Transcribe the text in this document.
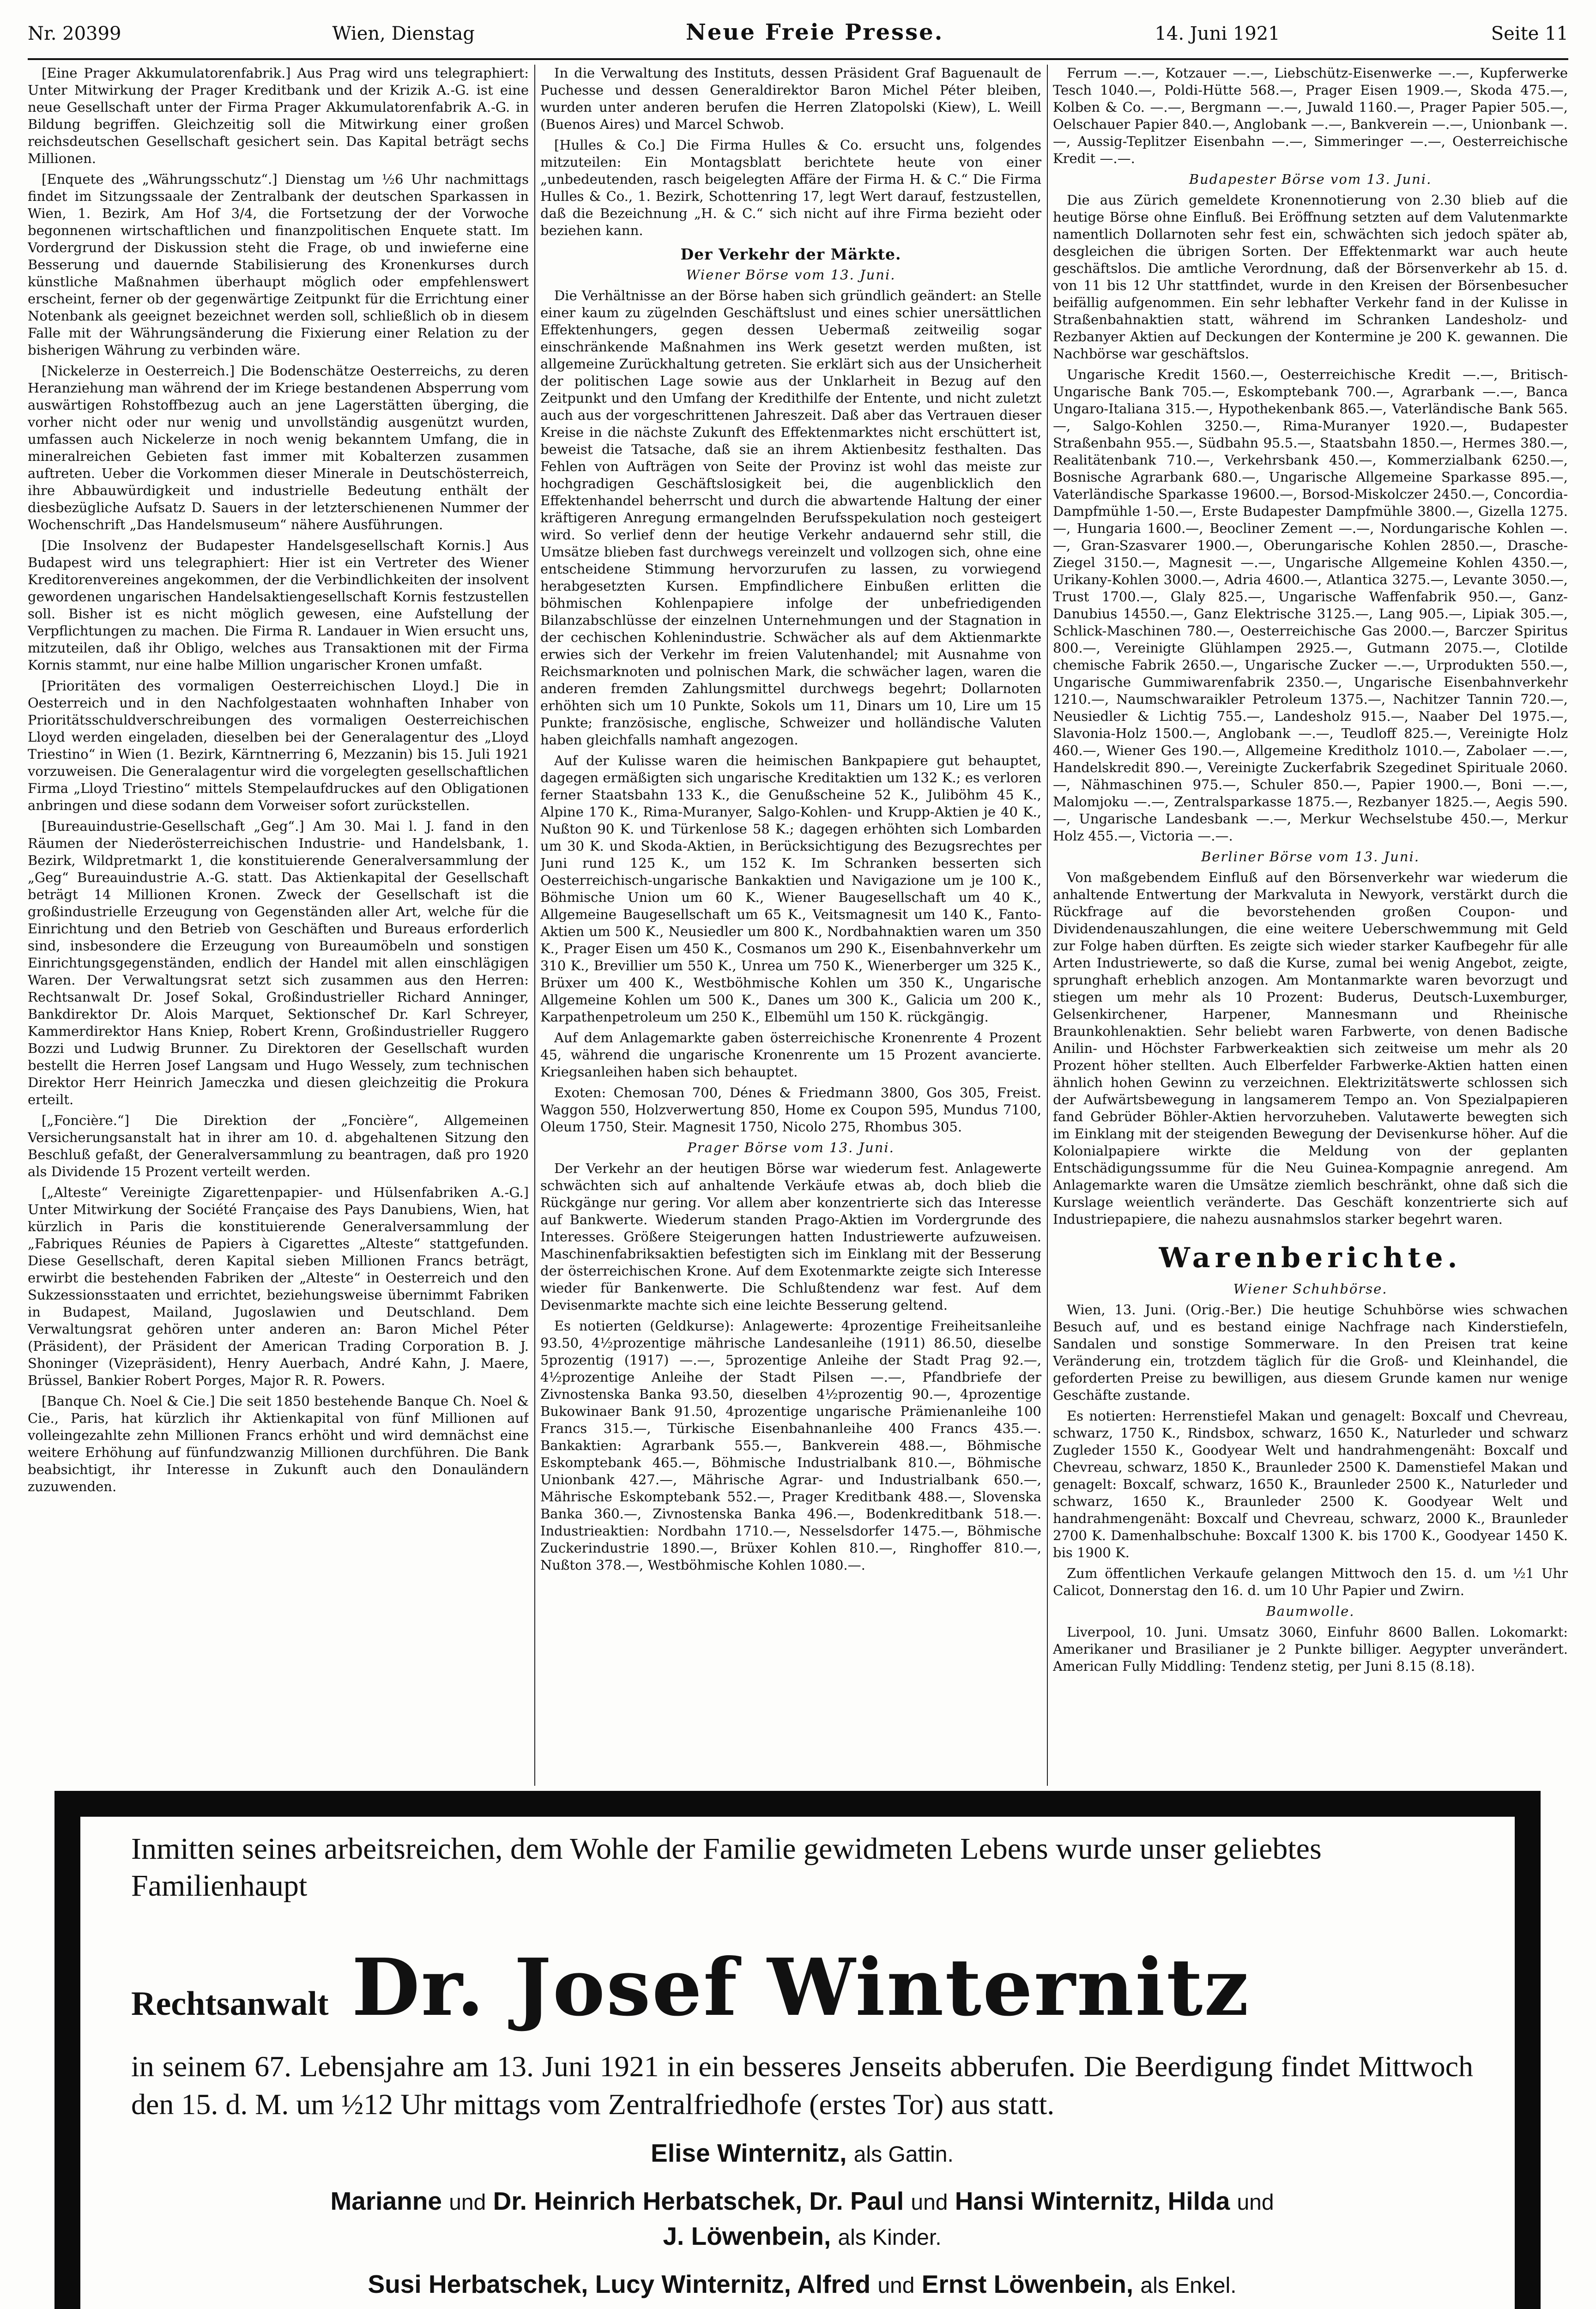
Nr. 20399	Wien, Dienstag	Neue Freie Presse.	14. Juni 1921	Seite 11

[Eine Prager Akkumulatorenfabrik.] Aus Prag wird uns telegraphiert: Unter Mitwirkung der Prager Kreditbank und der Krizik A.-G. ist eine neue Gesellschaft unter der Firma Prager Akkumulatorenfabrik A.-G. in Bildung begriffen. Gleichzeitig soll die Mitwirkung einer großen reichsdeutschen Gesellschaft gesichert sein. Das Kapital beträgt sechs Millionen.

[Enquete des „Währungsschutz“.] Dienstag um ½6 Uhr nachmittags findet im Sitzungssaale der Zentralbank der deutschen Sparkassen in Wien, 1. Bezirk, Am Hof 3/4, die Fortsetzung der der Vorwoche begonnenen wirtschaftlichen und finanzpolitischen Enquete statt. Im Vordergrund der Diskussion steht die Frage, ob und inwieferne eine Besserung und dauernde Stabilisierung des Kronenkurses durch künstliche Maßnahmen überhaupt möglich oder empfehlenswert erscheint, ferner ob der gegenwärtige Zeitpunkt für die Errichtung einer Notenbank als geeignet bezeichnet werden soll, schließlich ob in diesem Falle mit der Währungsänderung die Fixierung einer Relation zu der bisherigen Währung zu verbinden wäre.

[Nickelerze in Oesterreich.] Die Bodenschätze Oesterreichs, zu deren Heranziehung man während der im Kriege bestandenen Absperrung vom auswärtigen Rohstoffbezug auch an jene Lagerstätten überging, die vorher nicht oder nur wenig und unvollständig ausgenützt wurden, umfassen auch Nickelerze in noch wenig bekanntem Umfang, die in mineralreichen Gebieten fast immer mit Kobalterzen zusammen auftreten. Ueber die Vorkommen dieser Minerale in Deutschösterreich, ihre Abbauwürdigkeit und industrielle Bedeutung enthält der diesbezügliche Aufsatz D. Sauers in der letzterschienenen Nummer der Wochenschrift „Das Handelsmuseum“ nähere Ausführungen.

[Die Insolvenz der Budapester Handelsgesellschaft Kornis.] Aus Budapest wird uns telegraphiert: Hier ist ein Vertreter des Wiener Kreditorenvereines angekommen, der die Verbindlichkeiten der insolvent gewordenen ungarischen Handelsaktiengesellschaft Kornis festzustellen soll. Bisher ist es nicht möglich gewesen, eine Aufstellung der Verpflichtungen zu machen. Die Firma R. Landauer in Wien ersucht uns, mitzuteilen, daß ihr Obligo, welches aus Transaktionen mit der Firma Kornis stammt, nur eine halbe Million ungarischer Kronen umfaßt.

[Prioritäten des vormaligen Oesterreichischen Lloyd.] Die in Oesterreich und in den Nachfolgestaaten wohnhaften Inhaber von Prioritätsschuldverschreibungen des vormaligen Oesterreichischen Lloyd werden eingeladen, dieselben bei der Generalagentur des „Lloyd Triestino“ in Wien (1. Bezirk, Kärntnerring 6, Mezzanin) bis 15. Juli 1921 vorzuweisen. Die Generalagentur wird die vorgelegten gesellschaftlichen Firma „Lloyd Triestino“ mittels Stempelaufdruckes auf den Obligationen anbringen und diese sodann dem Vorweiser sofort zurückstellen.

[Bureauindustrie-Gesellschaft „Geg“.] Am 30. Mai l. J. fand in den Räumen der Niederösterreichischen Industrie- und Handelsbank, 1. Bezirk, Wildpretmarkt 1, die konstituierende Generalversammlung der „Geg“ Bureauindustrie A.-G. statt. Das Aktienkapital der Gesellschaft beträgt 14 Millionen Kronen. Zweck der Gesellschaft ist die großindustrielle Erzeugung von Gegenständen aller Art, welche für die Einrichtung und den Betrieb von Geschäften und Bureaus erforderlich sind, insbesondere die Erzeugung von Bureaumöbeln und sonstigen Einrichtungsgegenständen, endlich der Handel mit allen einschlägigen Waren. Der Verwaltungsrat setzt sich zusammen aus den Herren: Rechtsanwalt Dr. Josef Sokal, Großindustrieller Richard Anninger, Bankdirektor Dr. Alois Marquet, Sektionschef Dr. Karl Schreyer, Kammerdirektor Hans Kniep, Robert Krenn, Großindustrieller Ruggero Bozzi und Ludwig Brunner. Zu Direktoren der Gesellschaft wurden bestellt die Herren Josef Langsam und Hugo Wessely, zum technischen Direktor Herr Heinrich Jameczka und diesen gleichzeitig die Prokura erteilt.

[„Foncière.“] Die Direktion der „Foncière“, Allgemeinen Versicherungsanstalt hat in ihrer am 10. d. abgehaltenen Sitzung den Beschluß gefaßt, der Generalversammlung zu beantragen, daß pro 1920 als Dividende 15 Prozent verteilt werden.

[„Alteste“ Vereinigte Zigarettenpapier- und Hülsenfabriken A.-G.] Unter Mitwirkung der Société Française des Pays Danubiens, Wien, hat kürzlich in Paris die konstituierende Generalversammlung der „Fabriques Réunies de Papiers à Cigarettes „Alteste“ stattgefunden. Diese Gesellschaft, deren Kapital sieben Millionen Francs beträgt, erwirbt die bestehenden Fabriken der „Alteste“ in Oesterreich und den Sukzessionsstaaten und errichtet, beziehungsweise übernimmt Fabriken in Budapest, Mailand, Jugoslawien und Deutschland. Dem Verwaltungsrat gehören unter anderen an: Baron Michel Péter (Präsident), der Präsident der American Trading Corporation B. J. Shoninger (Vizepräsident), Henry Auerbach, André Kahn, J. Maere, Brüssel, Bankier Robert Porges, Major R. R. Powers.

[Banque Ch. Noel & Cie.] Die seit 1850 bestehende Banque Ch. Noel & Cie., Paris, hat kürzlich ihr Aktienkapital von fünf Millionen auf volleingezahlte zehn Millionen Francs erhöht und wird demnächst eine weitere Erhöhung auf fünfundzwanzig Millionen durchführen. Die Bank beabsichtigt, ihr Interesse in Zukunft auch den Donauländern zuzuwenden.

In die Verwaltung des Instituts, dessen Präsident Graf Baguenault de Puchesse und dessen Generaldirektor Baron Michel Péter bleiben, wurden unter anderen berufen die Herren Zlatopolski (Kiew), L. Weill (Buenos Aires) und Marcel Schwob.

[Hulles & Co.] Die Firma Hulles & Co. ersucht uns, folgendes mitzuteilen: Ein Montagsblatt berichtete heute von einer „unbedeutenden, rasch beigelegten Affäre der Firma H. & C.“ Die Firma Hulles & Co., 1. Bezirk, Schottenring 17, legt Wert darauf, festzustellen, daß die Bezeichnung „H. & C.“ sich nicht auf ihre Firma bezieht oder beziehen kann.

Der Verkehr der Märkte.
Wiener Börse vom 13. Juni.

Die Verhältnisse an der Börse haben sich gründlich geändert: an Stelle einer kaum zu zügelnden Geschäftslust und eines schier unersättlichen Effektenhungers, gegen dessen Uebermaß zeitweilig sogar einschränkende Maßnahmen ins Werk gesetzt werden mußten, ist allgemeine Zurückhaltung getreten. Sie erklärt sich aus der Unsicherheit der politischen Lage sowie aus der Unklarheit in Bezug auf den Zeitpunkt und den Umfang der Kredithilfe der Entente, und nicht zuletzt auch aus der vorgeschrittenen Jahreszeit. Daß aber das Vertrauen dieser Kreise in die nächste Zukunft des Effektenmarktes nicht erschüttert ist, beweist die Tatsache, daß sie an ihrem Aktienbesitz festhalten. Das Fehlen von Aufträgen von Seite der Provinz ist wohl das meiste zur hochgradigen Geschäftslosigkeit bei, die augenblicklich den Effektenhandel beherrscht und durch die abwartende Haltung der einer kräftigeren Anregung ermangelnden Berufsspekulation noch gesteigert wird. So verlief denn der heutige Verkehr andauernd sehr still, die Umsätze blieben fast durchwegs vereinzelt und vollzogen sich, ohne eine entscheidene Stimmung hervorzurufen zu lassen, zu vorwiegend herabgesetzten Kursen. Empfindlichere Einbußen erlitten die böhmischen Kohlenpapiere infolge der unbefriedigenden Bilanzabschlüsse der einzelnen Unternehmungen und der Stagnation in der cechischen Kohlenindustrie. Schwächer als auf dem Aktienmarkte erwies sich der Verkehr im freien Valutenhandel; mit Ausnahme von Reichsmarknoten und polnischen Mark, die schwächer lagen, waren die anderen fremden Zahlungsmittel durchwegs begehrt; Dollarnoten erhöhten sich um 10 Punkte, Sokols um 11, Dinars um 10, Lire um 15 Punkte; französische, englische, Schweizer und holländische Valuten haben gleichfalls namhaft angezogen.

Auf der Kulisse waren die heimischen Bankpapiere gut behauptet, dagegen ermäßigten sich ungarische Kreditaktien um 132 K.; es verloren ferner Staatsbahn 133 K., die Genußscheine 52 K., Juliböhm 45 K., Alpine 170 K., Rima-Muranyer, Salgo-Kohlen- und Krupp-Aktien je 40 K., Nußton 90 K. und Türkenlose 58 K.; dagegen erhöhten sich Lombarden um 30 K. und Skoda-Aktien, in Berücksichtigung des Bezugsrechtes per Juni rund 125 K., um 152 K. Im Schranken besserten sich Oesterreichisch-ungarische Bankaktien und Navigazione um je 100 K., Böhmische Union um 60 K., Wiener Baugesellschaft um 40 K., Allgemeine Baugesellschaft um 65 K., Veitsmagnesit um 140 K., Fanto-Aktien um 500 K., Neusiedler um 800 K., Nordbahnaktien waren um 350 K., Prager Eisen um 450 K., Cosmanos um 290 K., Eisenbahnverkehr um 310 K., Brevillier um 550 K., Unrea um 750 K., Wienerberger um 325 K., Brüxer um 400 K., Westböhmische Kohlen um 350 K., Ungarische Allgemeine Kohlen um 500 K., Danes um 300 K., Galicia um 200 K., Karpathenpetroleum um 250 K., Elbemühl um 150 K. rückgängig.

Auf dem Anlagemarkte gaben österreichische Kronenrente 4 Prozent 45, während die ungarische Kronenrente um 15 Prozent avancierte. Kriegsanleihen haben sich behauptet.

Exoten: Chemosan 700, Dénes & Friedmann 3800, Gos 305, Freist. Waggon 550, Holzverwertung 850, Home ex Coupon 595, Mundus 7100, Oleum 1750, Steir. Magnesit 1750, Nicolo 275, Rhombus 305.

Prager Börse vom 13. Juni.

Der Verkehr an der heutigen Börse war wiederum fest. Anlagewerte schwächten sich auf anhaltende Verkäufe etwas ab, doch blieb die Rückgänge nur gering. Vor allem aber konzentrierte sich das Interesse auf Bankwerte. Wiederum standen Prago-Aktien im Vordergrunde des Interesses. Größere Steigerungen hatten Industriewerte aufzuweisen. Maschinenfabriksaktien befestigten sich im Einklang mit der Besserung der österreichischen Krone. Auf dem Exotenmarkte zeigte sich Interesse wieder für Bankenwerte. Die Schlußtendenz war fest. Auf dem Devisenmarkte machte sich eine leichte Besserung geltend.

Es notierten (Geldkurse): Anlagewerte: 4prozentige Freiheitsanleihe 93.50, 4½prozentige mährische Landesanleihe (1911) 86.50, dieselbe 5prozentig (1917) —.—, 5prozentige Anleihe der Stadt Prag 92.—, 4½prozentige Anleihe der Stadt Pilsen —.—, Pfandbriefe der Zivnostenska Banka 93.50, dieselben 4½prozentig 90.—, 4prozentige Bukowinaer Bank 91.50, 4prozentige ungarische Prämienanleihe 100 Francs 315.—, Türkische Eisenbahnanleihe 400 Francs 435.—. Bankaktien: Agrarbank 555.—, Bankverein 488.—, Böhmische Eskomptebank 465.—, Böhmische Industrialbank 810.—, Böhmische Unionbank 427.—, Mährische Agrar- und Industrialbank 650.—, Mährische Eskomptebank 552.—, Prager Kreditbank 488.—, Slovenska Banka 360.—, Zivnostenska Banka 496.—, Bodenkreditbank 518.—. Industrieaktien: Nordbahn 1710.—, Nesselsdorfer 1475.—, Böhmische Zuckerindustrie 1890.—, Brüxer Kohlen 810.—, Ringhoffer 810.—, Nußton 378.—, Westböhmische Kohlen 1080.—.

Ferrum —.—, Kotzauer —.—, Liebschütz-Eisenwerke —.—, Kupferwerke Tesch 1040.—, Poldi-Hütte 568.—, Prager Eisen 1909.—, Skoda 475.—, Kolben & Co. —.—, Bergmann —.—, Juwald 1160.—, Prager Papier 505.—, Oelschauer Papier 840.—, Anglobank —.—, Bankverein —.—, Unionbank —.—, Aussig-Teplitzer Eisenbahn —.—, Simmeringer —.—, Oesterreichische Kredit —.—.

Budapester Börse vom 13. Juni.

Die aus Zürich gemeldete Kronennotierung von 2.30 blieb auf die heutige Börse ohne Einfluß. Bei Eröffnung setzten auf dem Valutenmarkte namentlich Dollarnoten sehr fest ein, schwächten sich jedoch später ab, desgleichen die übrigen Sorten. Der Effektenmarkt war auch heute geschäftslos. Die amtliche Verordnung, daß der Börsenverkehr ab 15. d. von 11 bis 12 Uhr stattfindet, wurde in den Kreisen der Börsenbesucher beifällig aufgenommen. Ein sehr lebhafter Verkehr fand in der Kulisse in Straßenbahnaktien statt, während im Schranken Landesholz- und Rezbanyer Aktien auf Deckungen der Kontermine je 200 K. gewannen. Die Nachbörse war geschäftslos.

Ungarische Kredit 1560.—, Oesterreichische Kredit —.—, Britisch-Ungarische Bank 705.—, Eskomptebank 700.—, Agrarbank —.—, Banca Ungaro-Italiana 315.—, Hypothekenbank 865.—, Vaterländische Bank 565.—, Salgo-Kohlen 3250.—, Rima-Muranyer 1920.—, Budapester Straßenbahn 955.—, Südbahn 95.5.—, Staatsbahn 1850.—, Hermes 380.—, Realitätenbank 710.—, Verkehrsbank 450.—, Kommerzialbank 6250.—, Bosnische Agrarbank 680.—, Ungarische Allgemeine Sparkasse 895.—, Vaterländische Sparkasse 19600.—, Borsod-Miskolczer 2450.—, Concordia-Dampfmühle 1-50.—, Erste Budapester Dampfmühle 3800.—, Gizella 1275.—, Hungaria 1600.—, Beocliner Zement —.—, Nordungarische Kohlen —.—, Gran-Szasvarer 1900.—, Oberungarische Kohlen 2850.—, Drasche-Ziegel 3150.—, Magnesit —.—, Ungarische Allgemeine Kohlen 4350.—, Urikany-Kohlen 3000.—, Adria 4600.—, Atlantica 3275.—, Levante 3050.—, Trust 1700.—, Glaly 825.—, Ungarische Waffenfabrik 950.—, Ganz-Danubius 14550.—, Ganz Elektrische 3125.—, Lang 905.—, Lipiak 305.—, Schlick-Maschinen 780.—, Oesterreichische Gas 2000.—, Barczer Spiritus 800.—, Vereinigte Glühlampen 2925.—, Gutmann 2075.—, Clotilde chemische Fabrik 2650.—, Ungarische Zucker —.—, Urprodukten 550.—, Ungarische Gummiwarenfabrik 2350.—, Ungarische Eisenbahnverkehr 1210.—, Naumschwaraikler Petroleum 1375.—, Nachitzer Tannin 720.—, Neusiedler & Lichtig 755.—, Landesholz 915.—, Naaber Del 1975.—, Slavonia-Holz 1500.—, Anglobank —.—, Teudloff 825.—, Vereinigte Holz 460.—, Wiener Ges 190.—, Allgemeine Kreditholz 1010.—, Zabolaer —.—, Handelskredit 890.—, Vereinigte Zuckerfabrik Szegedinet Spirituale 2060.—, Nähmaschinen 975.—, Schuler 850.—, Papier 1900.—, Boni —.—, Malomjoku —.—, Zentralsparkasse 1875.—, Rezbanyer 1825.—, Aegis 590.—, Ungarische Landesbank —.—, Merkur Wechselstube 450.—, Merkur Holz 455.—, Victoria —.—.

Berliner Börse vom 13. Juni.

Von maßgebendem Einfluß auf den Börsenverkehr war wiederum die anhaltende Entwertung der Markvaluta in Newyork, verstärkt durch die Rückfrage auf die bevorstehenden großen Coupon- und Dividendenauszahlungen, die eine weitere Ueberschwemmung mit Geld zur Folge haben dürften. Es zeigte sich wieder starker Kaufbegehr für alle Arten Industriewerte, so daß die Kurse, zumal bei wenig Angebot, zeigte, sprunghaft erheblich anzogen. Am Montanmarkte waren bevorzugt und stiegen um mehr als 10 Prozent: Buderus, Deutsch-Luxemburger, Gelsenkirchener, Harpener, Mannesmann und Rheinische Braunkohlenaktien. Sehr beliebt waren Farbwerte, von denen Badische Anilin- und Höchster Farbwerkeaktien sich zeitweise um mehr als 20 Prozent höher stellten. Auch Elberfelder Farbwerke-Aktien hatten einen ähnlich hohen Gewinn zu verzeichnen. Elektrizitätswerte schlossen sich der Aufwärtsbewegung in langsamerem Tempo an. Von Spezialpapieren fand Gebrüder Böhler-Aktien hervorzuheben. Valutawerte bewegten sich im Einklang mit der steigenden Bewegung der Devisenkurse höher. Auf die Kolonialpapiere wirkte die Meldung von der geplanten Entschädigungssumme für die Neu Guinea-Kompagnie anregend. Am Anlagemarkte waren die Umsätze ziemlich beschränkt, ohne daß sich die Kurslage weientlich veränderte. Das Geschäft konzentrierte sich auf Industriepapiere, die nahezu ausnahmslos starker begehrt waren.

Warenberichte.
Wiener Schuhbörse.

Wien, 13. Juni. (Orig.-Ber.) Die heutige Schuhbörse wies schwachen Besuch auf, und es bestand einige Nachfrage nach Kinderstiefeln, Sandalen und sonstige Sommerware. In den Preisen trat keine Veränderung ein, trotzdem täglich für die Groß- und Kleinhandel, die geforderten Preise zu bewilligen, aus diesem Grunde kamen nur wenige Geschäfte zustande.

Es notierten: Herrenstiefel Makan und genagelt: Boxcalf und Chevreau, schwarz, 1750 K., Rindsbox, schwarz, 1650 K., Naturleder und schwarz Zugleder 1550 K., Goodyear Welt und handrahmengenäht: Boxcalf und Chevreau, schwarz, 1850 K., Braunleder 2500 K. Damenstiefel Makan und genagelt: Boxcalf, schwarz, 1650 K., Braunleder 2500 K., Naturleder und schwarz, 1650 K., Braunleder 2500 K. Goodyear Welt und handrahmengenäht: Boxcalf und Chevreau, schwarz, 2000 K., Braunleder 2700 K. Damenhalbschuhe: Boxcalf 1300 K. bis 1700 K., Goodyear 1450 K. bis 1900 K.

Zum öffentlichen Verkaufe gelangen Mittwoch den 15. d. um ½1 Uhr Calicot, Donnerstag den 16. d. um 10 Uhr Papier und Zwirn.

Baumwolle.

Liverpool, 10. Juni. Umsatz 3060, Einfuhr 8600 Ballen. Lokomarkt: Amerikaner und Brasilianer je 2 Punkte billiger. Aegypter unverändert. American Fully Middling: Tendenz stetig, per Juni 8.15 (8.18).

Inmitten seines arbeitsreichen, dem Wohle der Familie gewidmeten Lebens wurde unser geliebtes Familienhaupt
Rechtsanwalt Dr. Josef Winternitz
in seinem 67. Lebensjahre am 13. Juni 1921 in ein besseres Jenseits abberufen. Die Beerdigung findet Mittwoch den 15. d. M. um ½12 Uhr mittags vom Zentralfriedhofe (erstes Tor) aus statt.
Elise Winternitz, als Gattin.
Marianne und Dr. Heinrich Herbatschek, Dr. Paul und Hansi Winternitz, Hilda und
J. Löwenbein, als Kinder.
Susi Herbatschek, Lucy Winternitz, Alfred und Ernst Löwenbein, als Enkel.
